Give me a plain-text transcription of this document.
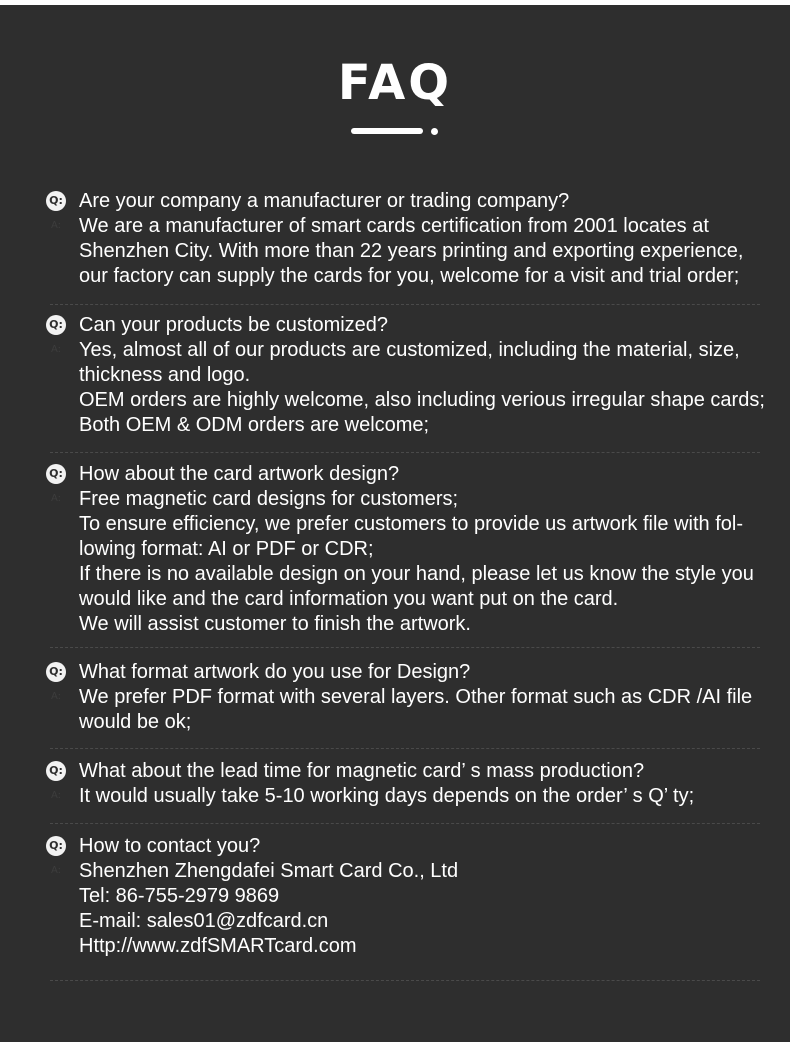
FAQ
Q: Are your company a manufacturer or trading company?
A: We are a manufacturer of smart cards certification from 2001 locates at
Shenzhen City. With more than 22 years printing and exporting experience,
our factory can supply the cards for you, welcome for a visit and trial order;
Q: Can your products be customized?
A: Yes, almost all of our products are customized, including the material, size,
thickness and logo.
OEM orders are highly welcome, also including verious irregular shape cards;
Both OEM & ODM orders are welcome;
Q: How about the card artwork design?
A: Free magnetic card designs for customers;
To ensure efficiency, we prefer customers to provide us artwork file with fol-
lowing format: AI or PDF or CDR;
If there is no available design on your hand, please let us know the style you
would like and the card information you want put on the card.
We will assist customer to finish the artwork.
Q: What format artwork do you use for Design?
A: We prefer PDF format with several layers. Other format such as CDR /AI file
would be ok;
Q: What about the lead time for magnetic card’ s mass production?
A: It would usually take 5-10 working days depends on the order’ s Q’ ty;
Q: How to contact you?
A: Shenzhen Zhengdafei Smart Card Co., Ltd
Tel: 86-755-2979 9869
E-mail: sales01@zdfcard.cn
Http://www.zdfSMARTcard.com
